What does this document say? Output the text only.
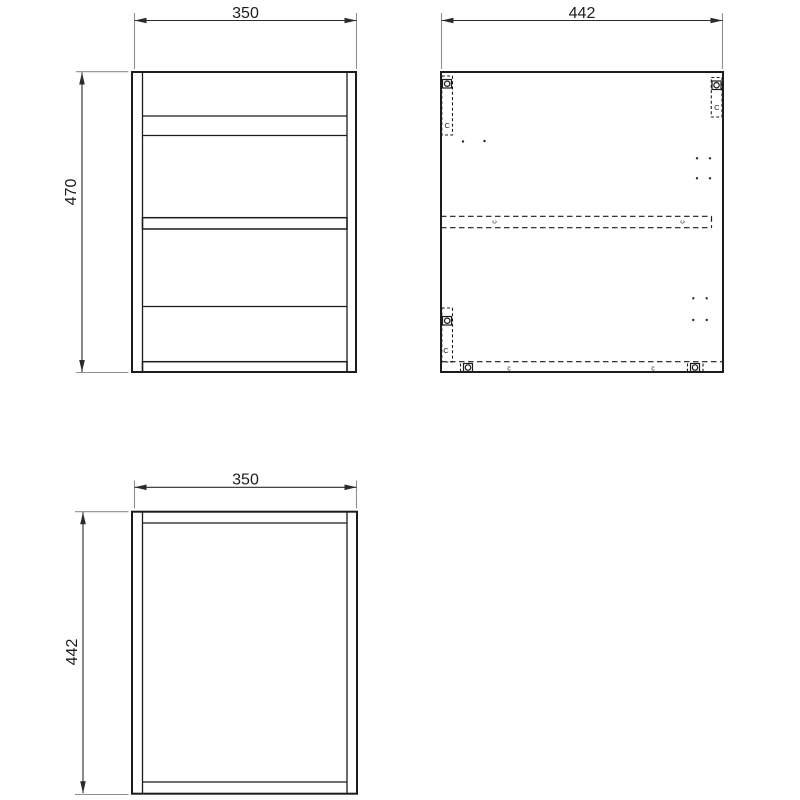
350
470
442
C
C
c	c
C
c	c
350
442
